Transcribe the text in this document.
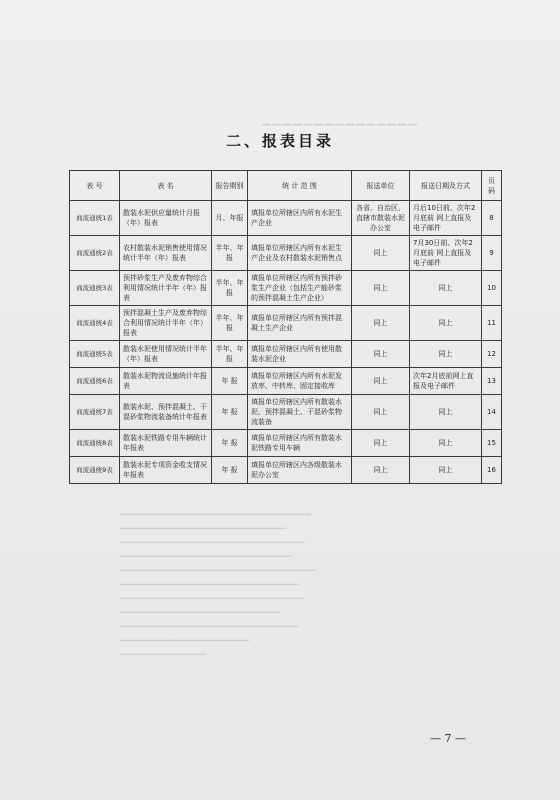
▔▔▔▔▔▔▔▔▔▔▔▔▔▔▔
▁▁▁▁▁▁▁▁▁▁▁▁▁▁▁▁▁▁▁▁▁▁▁▁▁▁▁▁▁▁▁
▁▁▁▁▁▁▁▁▁▁▁▁▁▁▁▁▁▁▁▁▁▁▁▁▁▁▁
▁▁▁▁▁▁▁▁▁▁▁▁▁▁▁▁▁▁▁▁▁▁▁▁▁▁▁▁▁▁
▁▁▁▁▁▁▁▁▁▁▁▁▁▁▁▁▁▁▁▁▁▁▁▁▁▁▁▁
▁▁▁▁▁▁▁▁▁▁▁▁▁▁▁▁▁▁▁▁▁▁▁▁▁▁▁▁▁▁▁▁
▁▁▁▁▁▁▁▁▁▁▁▁▁▁▁▁▁▁▁▁▁▁▁▁▁▁▁▁▁
▁▁▁▁▁▁▁▁▁▁▁▁▁▁▁▁▁▁▁▁▁▁▁▁▁▁▁▁▁▁
▁▁▁▁▁▁▁▁▁▁▁▁▁▁▁▁▁▁▁▁▁▁▁▁▁▁
▁▁▁▁▁▁▁▁▁▁▁▁▁▁▁▁▁▁▁▁▁▁▁▁▁▁▁▁▁
▁▁▁▁▁▁▁▁▁▁▁▁▁▁▁▁▁▁▁▁▁
▁▁▁▁▁▁▁▁▁▁▁▁▁▁
二、报表目录
表 号	表 名	报告期别	统 计 范 围	报送单位	报送日期及方式	页码
商流通统1表	散装水泥供应量统计月报（年）报表	月、年报	填报单位所辖区内所有水泥生产企业	各省、自治区、直辖市散装水泥办公室	月后10日前、次年2月底前 网上直报及电子邮件	8
商流通统2表	农村散装水泥销售使用情况统计半年（年）报表	半年、年报	填报单位所辖区内所有水泥生产企业及农村散装水泥销售点	同上	7月30日前、次年2月底前 网上直报及电子邮件	9
商流通统3表	预拌砂浆生产及废弃物综合利用情况统计半年（年）报表	半年、年报	填报单位所辖区内所有预拌砂浆生产企业（包括生产能砂浆的预拌混凝土生产企业）	同上	同上	10
商流通统4表	预拌混凝土生产及废弃物综合利用情况统计半年（年）报表	半年、年报	填报单位所辖区内所有预拌混凝土生产企业	同上	同上	11
商流通统5表	散装水泥使用情况统计半年（年）报表	半年、年报	填报单位所辖区内所有使用散装水泥企业	同上	同上	12
商流通统6表	散装水泥物流设施统计年报表	年 报	填报单位所辖区内所有水泥发放率、中转库、固定接收库	同上	次年2月底前网上直报及电子邮件	13
商流通统7表	散装水泥、预拌混凝土、干混砂浆物流装备统计年报表	年 报	填报单位所辖区内所有散装水泥、预拌混凝土、干混砂浆物流装备	同上	同上	14
商流通统8表	散装水泥铁路专用车辆统计年报表	年 报	填报单位所辖区内所有散装水泥铁路专用车辆	同上	同上	15
商流通统9表	散装水泥专项资金收支情况年报表	年 报	填报单位所辖区内各级散装水泥办公室	同上	同上	16
— 7 —
